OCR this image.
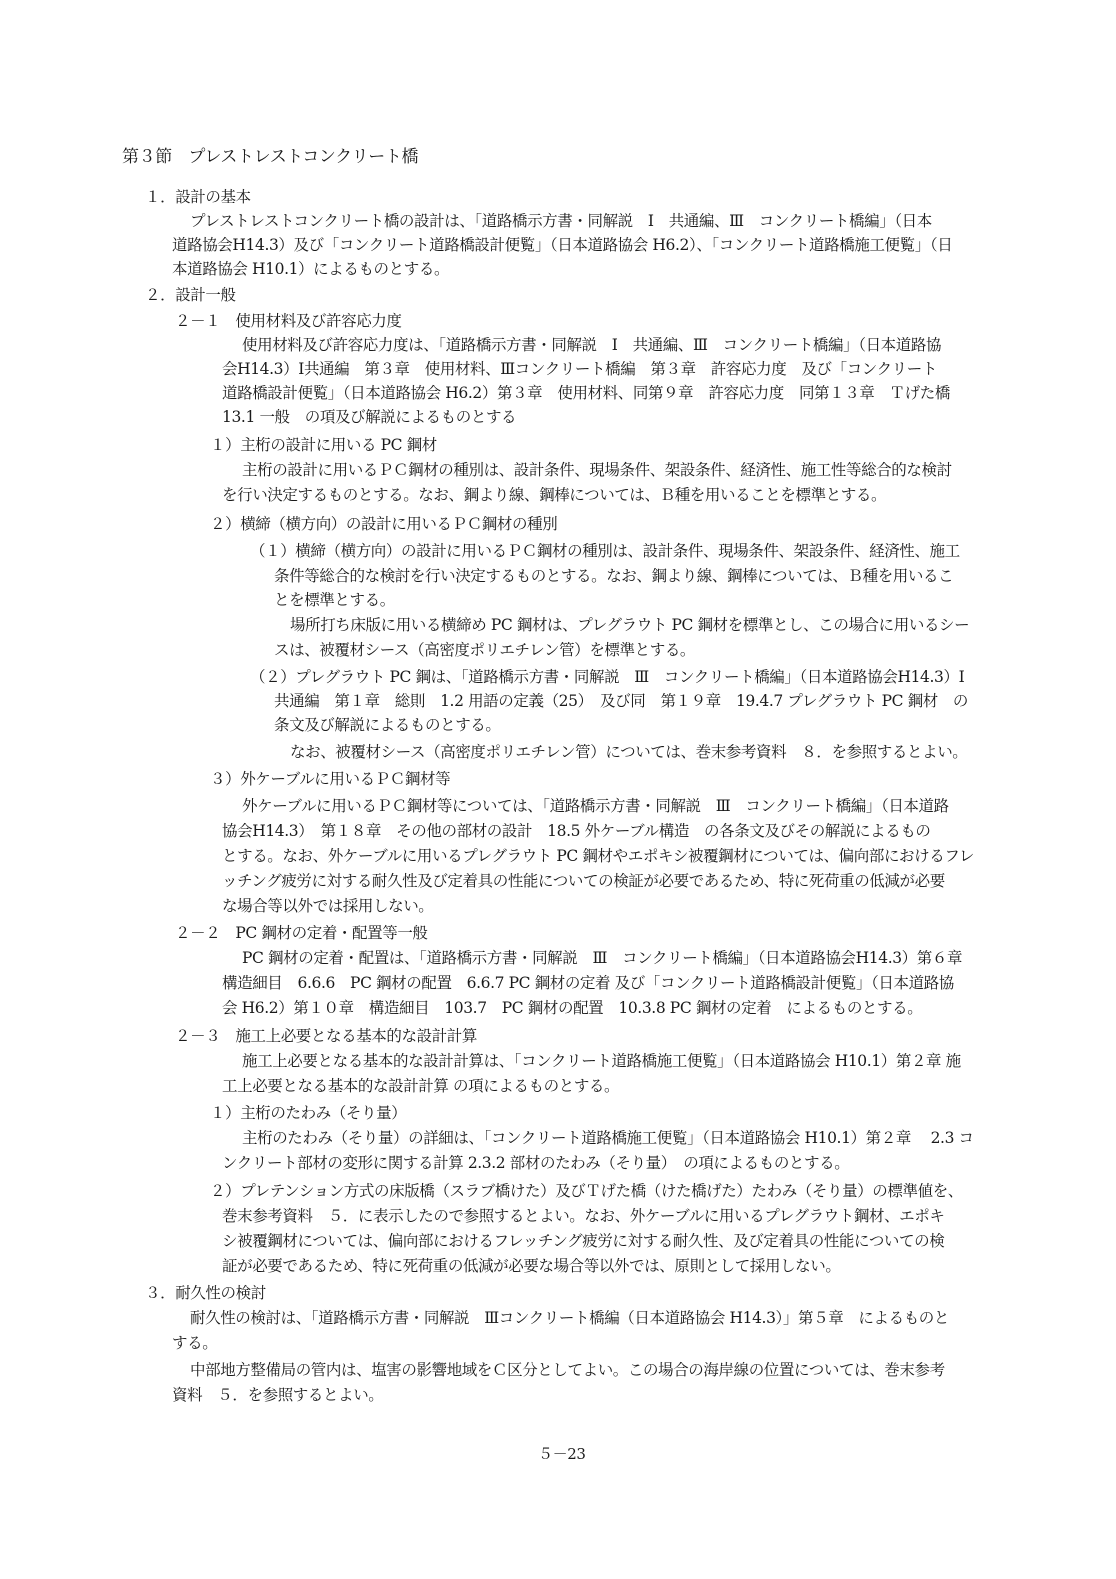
第３節　プレストレストコンクリート橋
１．設計の基本
プレストレストコンクリート橋の設計は、「道路橋示方書・同解説　Ⅰ　共通編、Ⅲ　コンクリート橋編」（日本
道路協会H14.3）及び「コンクリート道路橋設計便覧」（日本道路協会 H6.2）、「コンクリート道路橋施工便覧」（日
本道路協会 H10.1）によるものとする。
２．設計一般
２－１　使用材料及び許容応力度
使用材料及び許容応力度は、「道路橋示方書・同解説　Ⅰ　共通編、Ⅲ　コンクリート橋編」（日本道路協
会H14.3）Ⅰ共通編　第３章　使用材料、Ⅲコンクリート橋編　第３章　許容応力度　及び「コンクリート
道路橋設計便覧」（日本道路協会 H6.2）第３章　使用材料、同第９章　許容応力度　同第１３章　Ｔげた橋
13.1 一般　の項及び解説によるものとする
１）主桁の設計に用いる PC 鋼材
主桁の設計に用いるＰＣ鋼材の種別は、設計条件、現場条件、架設条件、経済性、施工性等総合的な検討
を行い決定するものとする。なお、鋼より線、鋼棒については、Ｂ種を用いることを標準とする。
２）横締（横方向）の設計に用いるＰＣ鋼材の種別
（１）横締（横方向）の設計に用いるＰＣ鋼材の種別は、設計条件、現場条件、架設条件、経済性、施工
条件等総合的な検討を行い決定するものとする。なお、鋼より線、鋼棒については、Ｂ種を用いるこ
とを標準とする。
場所打ち床版に用いる横締め PC 鋼材は、プレグラウト PC 鋼材を標準とし、この場合に用いるシー
スは、被覆材シース（高密度ポリエチレン管）を標準とする。
（２）プレグラウト PC 鋼は、「道路橋示方書・同解説　Ⅲ　コンクリート橋編」（日本道路協会H14.3）Ⅰ
共通編　第１章　総則　1.2 用語の定義（25）　及び同　第１９章　19.4.7 プレグラウト PC 鋼材　の
条文及び解説によるものとする。
なお、被覆材シース（高密度ポリエチレン管）については、巻末参考資料　８．を参照するとよい。
３）外ケーブルに用いるＰＣ鋼材等
外ケーブルに用いるＰＣ鋼材等については、「道路橋示方書・同解説　Ⅲ　コンクリート橋編」（日本道路
協会H14.3）　第１８章　その他の部材の設計　18.5 外ケーブル構造　の各条文及びその解説によるもの
とする。なお、外ケーブルに用いるプレグラウト PC 鋼材やエポキシ被覆鋼材については、偏向部におけるフレ
ッチング疲労に対する耐久性及び定着具の性能についての検証が必要であるため、特に死荷重の低減が必要
な場合等以外では採用しない。
２－２　PC 鋼材の定着・配置等一般
PC 鋼材の定着・配置は、「道路橋示方書・同解説　Ⅲ　コンクリート橋編」（日本道路協会H14.3）第６章
構造細目　6.6.6　PC 鋼材の配置　6.6.7 PC 鋼材の定着 及び「コンクリート道路橋設計便覧」（日本道路協
会 H6.2）第１０章　構造細目　103.7　PC 鋼材の配置　10.3.8 PC 鋼材の定着　によるものとする。
２－３　施工上必要となる基本的な設計計算
施工上必要となる基本的な設計計算は、「コンクリート道路橋施工便覧」（日本道路協会 H10.1）第２章 施
工上必要となる基本的な設計計算 の項によるものとする。
１）主桁のたわみ（そり量）
主桁のたわみ（そり量）の詳細は、「コンクリート道路橋施工便覧」（日本道路協会 H10.1）第２章　 2.3 コ
ンクリート部材の変形に関する計算 2.3.2 部材のたわみ（そり量）　の項によるものとする。
２）プレテンション方式の床版橋（スラブ橋けた）及びＴげた橋（けた橋げた）たわみ（そり量）の標準値を、
巻末参考資料　５．に表示したので参照するとよい。なお、外ケーブルに用いるプレグラウト鋼材、エポキ
シ被覆鋼材については、偏向部におけるフレッチング疲労に対する耐久性、及び定着具の性能についての検
証が必要であるため、特に死荷重の低減が必要な場合等以外では、原則として採用しない。
３．耐久性の検討
耐久性の検討は、「道路橋示方書・同解説　Ⅲコンクリート橋編（日本道路協会 H14.3）」第５章　によるものと
する。
中部地方整備局の管内は、塩害の影響地域をＣ区分としてよい。この場合の海岸線の位置については、巻末参考
資料　５．を参照するとよい。
５－23
